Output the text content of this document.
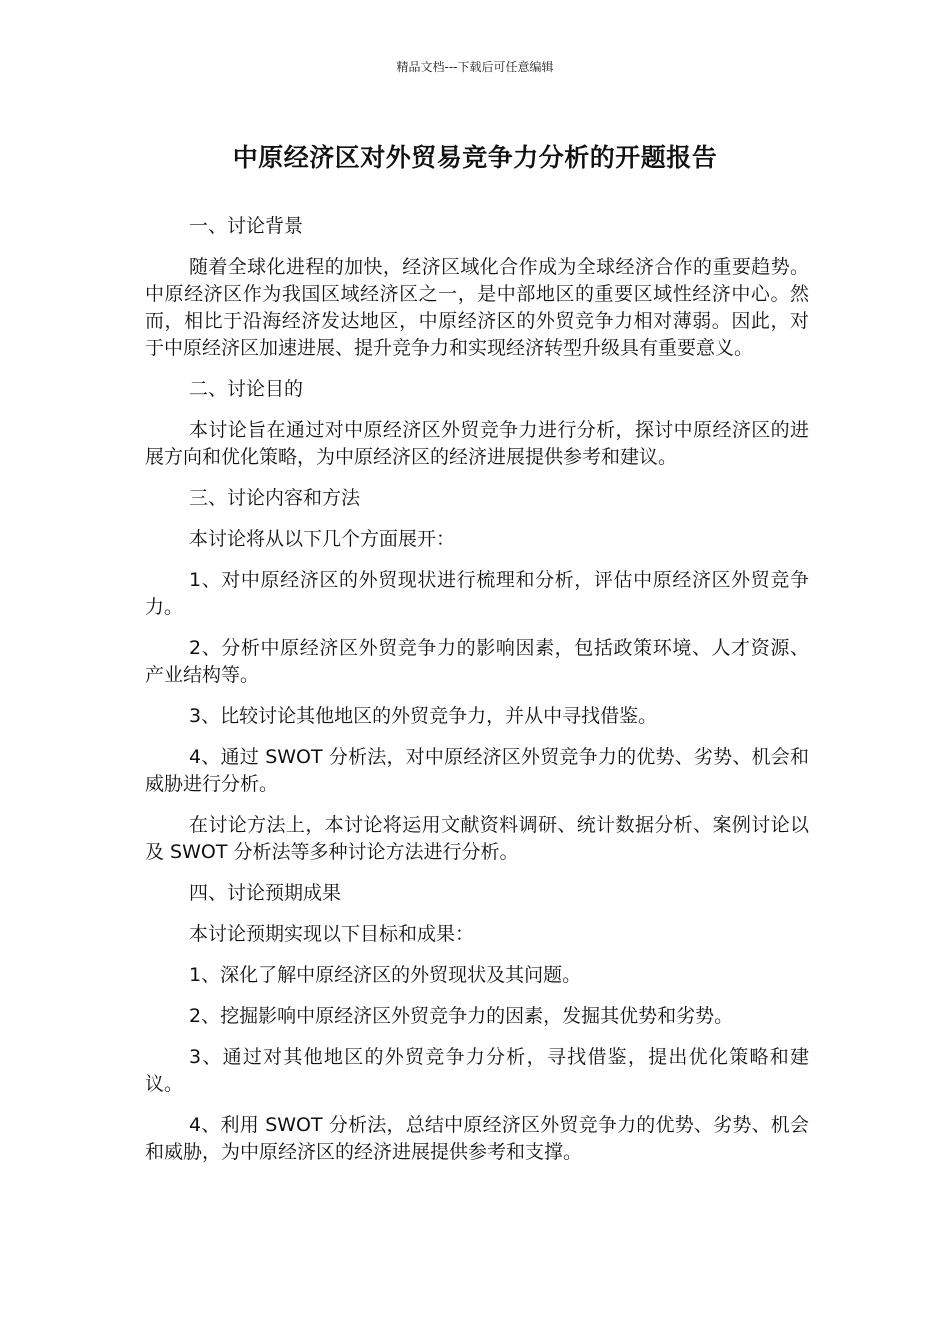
精品文档---下载后可任意编辑
中原经济区对外贸易竞争力分析的开题报告

一、讨论背景

随着全球化进程的加快，经济区域化合作成为全球经济合作的重要趋势。中原经济区作为我国区域经济区之一，是中部地区的重要区域性经济中心。然而，相比于沿海经济发达地区，中原经济区的外贸竞争力相对薄弱。因此，对于中原经济区加速进展、提升竞争力和实现经济转型升级具有重要意义。

二、讨论目的

本讨论旨在通过对中原经济区外贸竞争力进行分析，探讨中原经济区的进展方向和优化策略，为中原经济区的经济进展提供参考和建议。

三、讨论内容和方法

本讨论将从以下几个方面展开：

1、对中原经济区的外贸现状进行梳理和分析，评估中原经济区外贸竞争力。

2、分析中原经济区外贸竞争力的影响因素，包括政策环境、人才资源、产业结构等。

3、比较讨论其他地区的外贸竞争力，并从中寻找借鉴。

4、通过 SWOT 分析法，对中原经济区外贸竞争力的优势、劣势、机会和威胁进行分析。

在讨论方法上，本讨论将运用文献资料调研、统计数据分析、案例讨论以及 SWOT 分析法等多种讨论方法进行分析。

四、讨论预期成果

本讨论预期实现以下目标和成果：

1、深化了解中原经济区的外贸现状及其问题。

2、挖掘影响中原经济区外贸竞争力的因素，发掘其优势和劣势。

3、通过对其他地区的外贸竞争力分析，寻找借鉴，提出优化策略和建议。

4、利用 SWOT 分析法，总结中原经济区外贸竞争力的优势、劣势、机会和威胁，为中原经济区的经济进展提供参考和支撑。
